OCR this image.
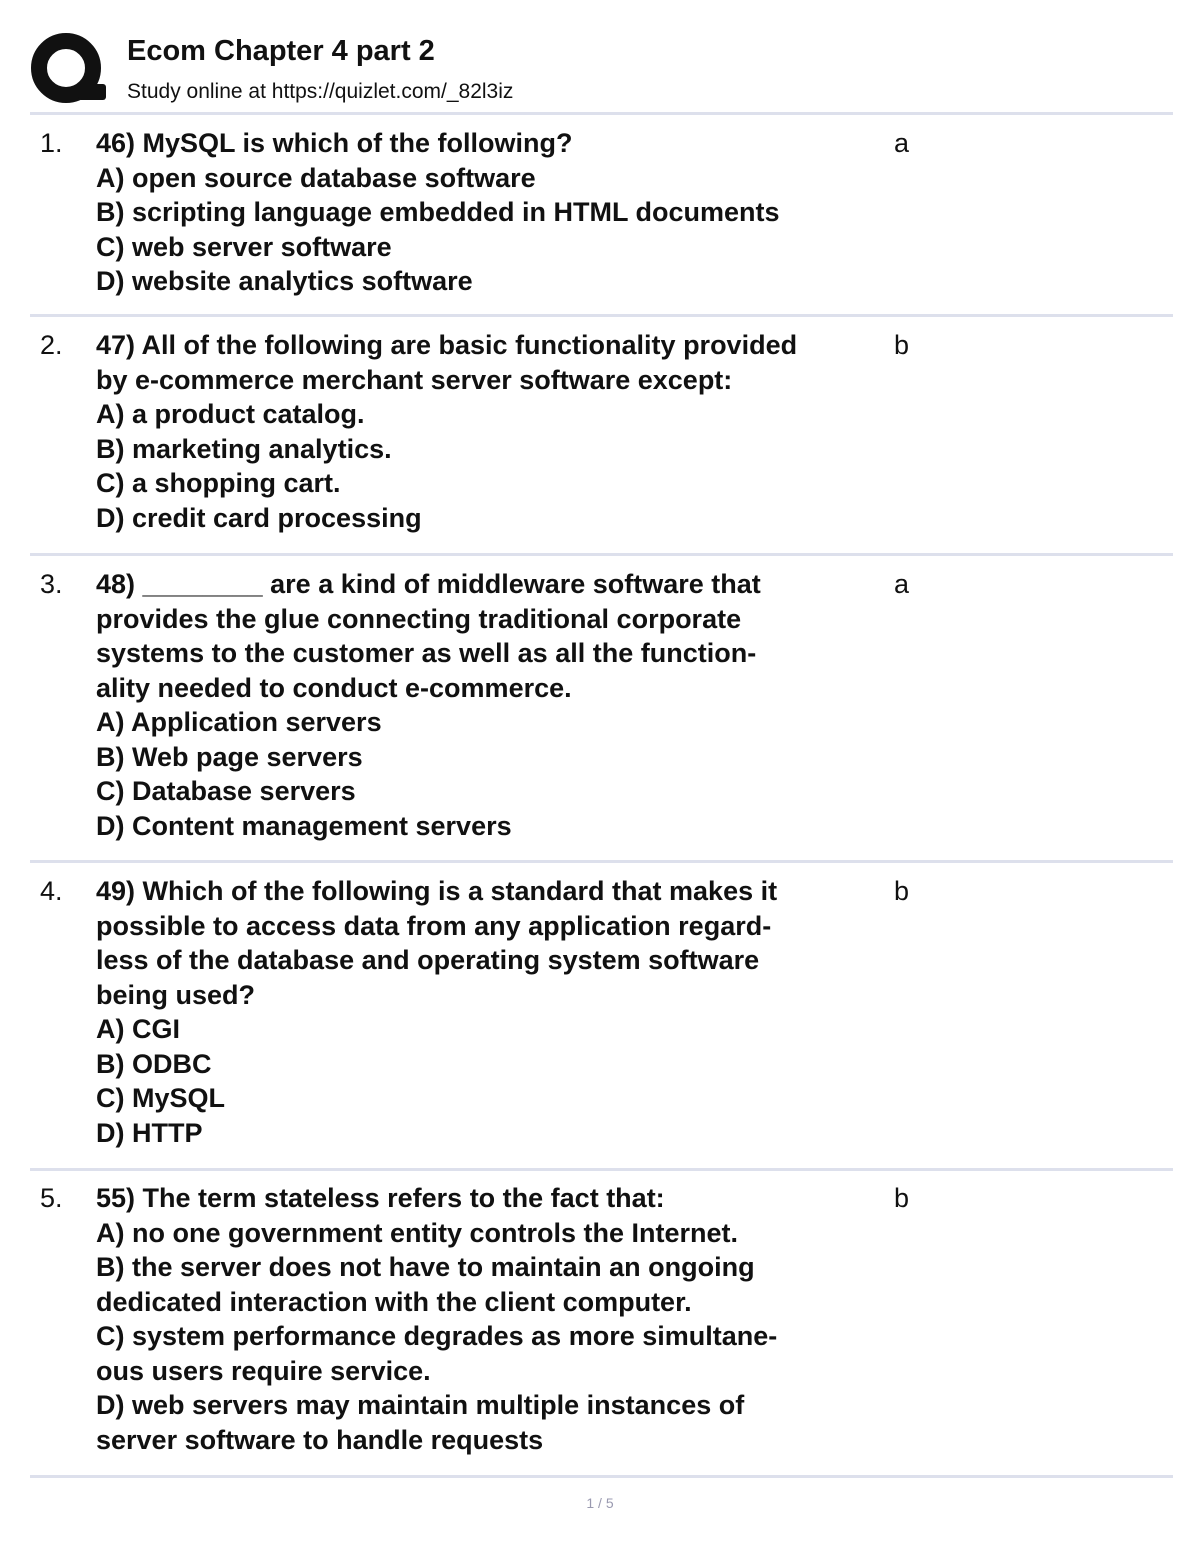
Ecom Chapter 4 part 2
Study online at https://quizlet.com/_82l3iz
1. 46) MySQL is which of the following?
A) open source database software
B) scripting language embedded in HTML documents
C) web server software
D) website analytics software
a
2. 47) All of the following are basic functionality provided
by e-commerce merchant server software except:
A) a product catalog.
B) marketing analytics.
C) a shopping cart.
D) credit card processing
b
3. 48) ________ are a kind of middleware software that
provides the glue connecting traditional corporate
systems to the customer as well as all the function-
ality needed to conduct e-commerce.
A) Application servers
B) Web page servers
C) Database servers
D) Content management servers
a
4. 49) Which of the following is a standard that makes it
possible to access data from any application regard-
less of the database and operating system software
being used?
A) CGI
B) ODBC
C) MySQL
D) HTTP
b
5. 55) The term stateless refers to the fact that:
A) no one government entity controls the Internet.
B) the server does not have to maintain an ongoing
dedicated interaction with the client computer.
C) system performance degrades as more simultane-
ous users require service.
D) web servers may maintain multiple instances of
server software to handle requests
b
1 / 5
